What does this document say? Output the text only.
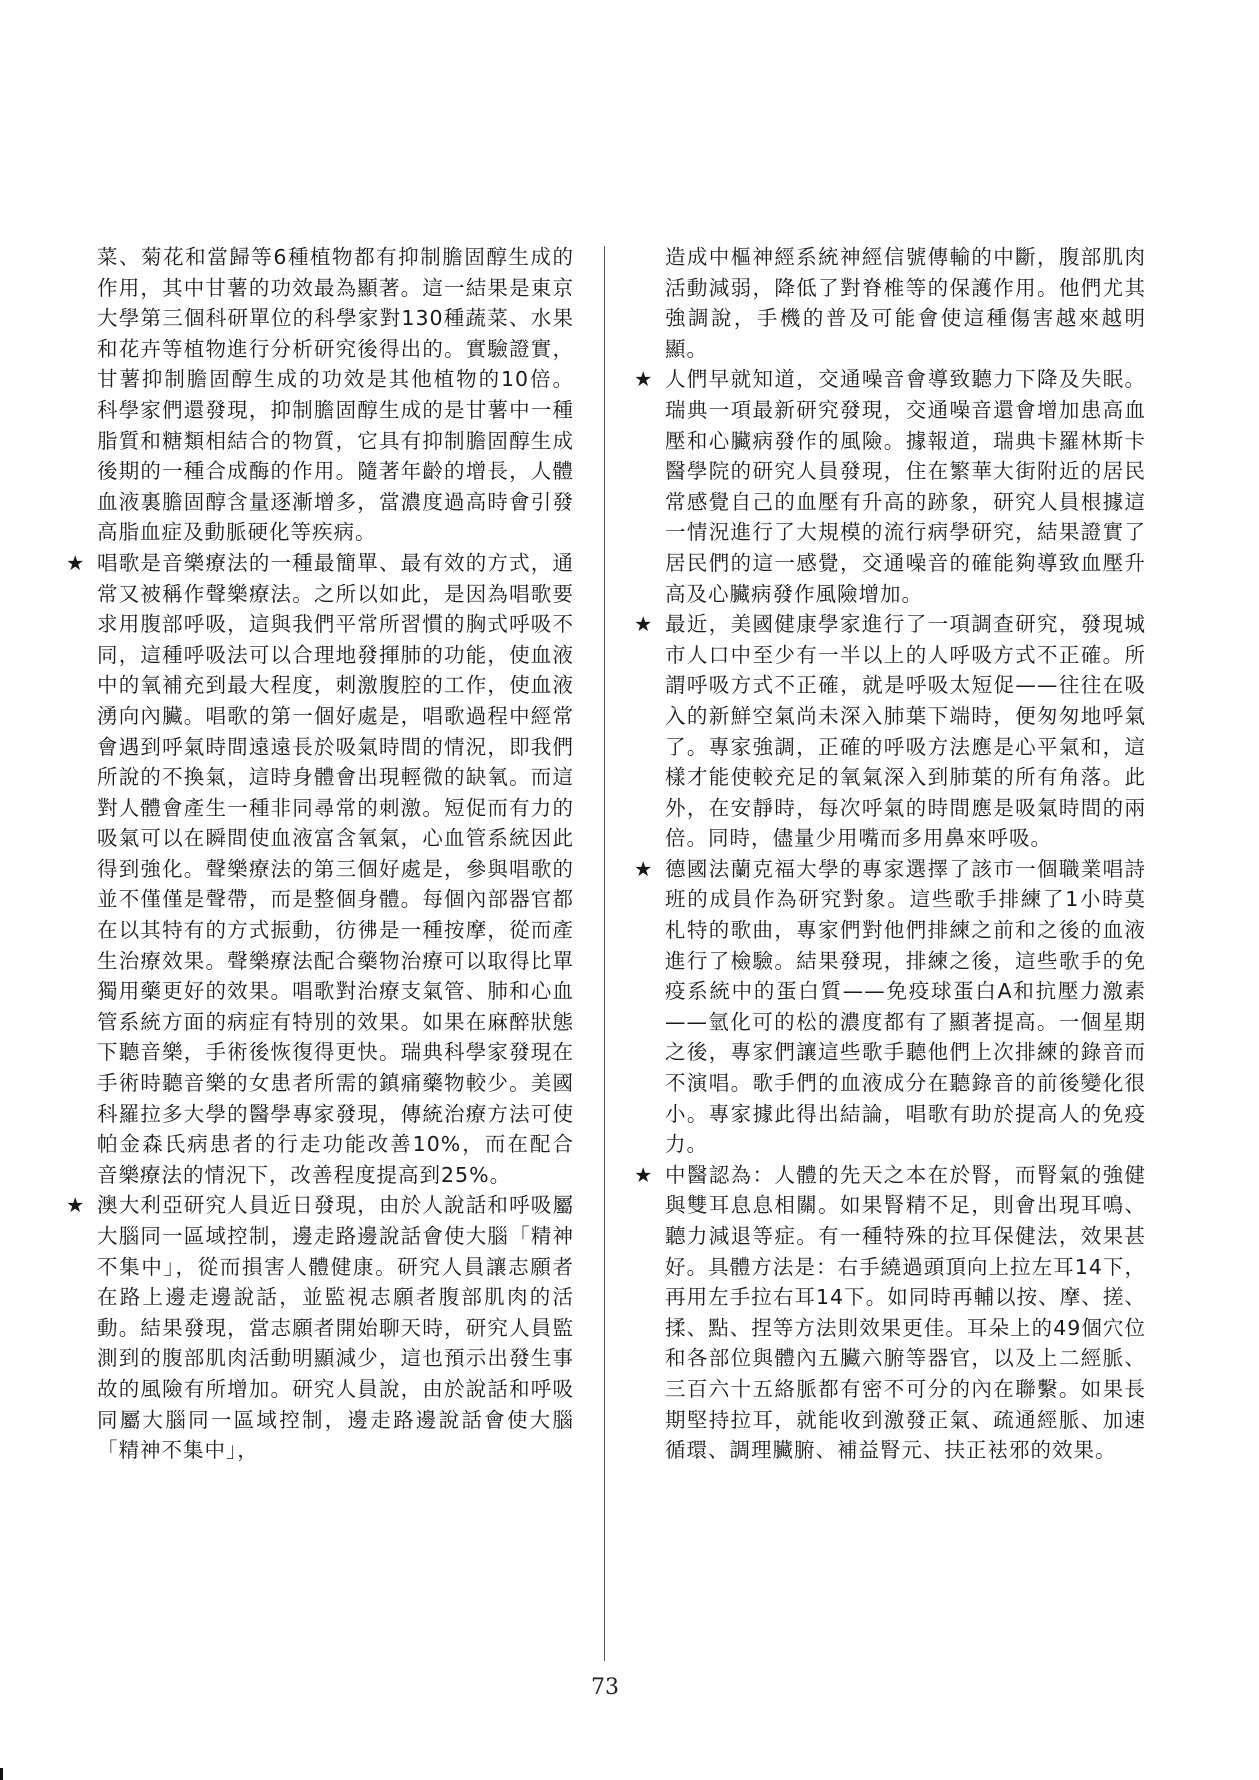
菜、菊花和當歸等6種植物都有抑制膽固醇生成的作用，其中甘薯的功效最為顯著。這一結果是東京大學第三個科研單位的科學家對130種蔬菜、水果和花卉等植物進行分析研究後得出的。實驗證實，甘薯抑制膽固醇生成的功效是其他植物的10倍。科學家們還發現，抑制膽固醇生成的是甘薯中一種脂質和糖類相結合的物質，它具有抑制膽固醇生成後期的一種合成酶的作用。隨著年齡的增長，人體血液裏膽固醇含量逐漸增多，當濃度過高時會引發高脂血症及動脈硬化等疾病。

★ 唱歌是音樂療法的一種最簡單、最有效的方式，通常又被稱作聲樂療法。之所以如此，是因為唱歌要求用腹部呼吸，這與我們平常所習慣的胸式呼吸不同，這種呼吸法可以合理地發揮肺的功能，使血液中的氧補充到最大程度，刺激腹腔的工作，使血液湧向內臟。唱歌的第一個好處是，唱歌過程中經常會遇到呼氣時間遠遠長於吸氣時間的情況，即我們所說的不換氣，這時身體會出現輕微的缺氧。而這對人體會產生一種非同尋常的刺激。短促而有力的吸氣可以在瞬間使血液富含氧氣，心血管系統因此得到強化。聲樂療法的第三個好處是，參與唱歌的並不僅僅是聲帶，而是整個身體。每個內部器官都在以其特有的方式振動，彷彿是一種按摩，從而產生治療效果。聲樂療法配合藥物治療可以取得比單獨用藥更好的效果。唱歌對治療支氣管、肺和心血管系統方面的病症有特別的效果。如果在麻醉狀態下聽音樂，手術後恢復得更快。瑞典科學家發現在手術時聽音樂的女患者所需的鎮痛藥物較少。美國科羅拉多大學的醫學專家發現，傳統治療方法可使帕金森氏病患者的行走功能改善10%，而在配合音樂療法的情況下，改善程度提高到25%。
★ 澳大利亞研究人員近日發現，由於人說話和呼吸屬大腦同一區域控制，邊走路邊說話會使大腦「精神不集中」，從而損害人體健康。研究人員讓志願者在路上邊走邊說話，並監視志願者腹部肌肉的活動。結果發現，當志願者開始聊天時，研究人員監測到的腹部肌肉活動明顯減少，這也預示出發生事故的風險有所增加。研究人員說，由於說話和呼吸同屬大腦同一區域控制，邊走路邊說話會使大腦「精神不集中」，

造成中樞神經系統神經信號傳輸的中斷，腹部肌肉活動減弱，降低了對脊椎等的保護作用。他們尤其強調說，手機的普及可能會使這種傷害越來越明顯。

★ 人們早就知道，交通噪音會導致聽力下降及失眠。瑞典一項最新研究發現，交通噪音還會增加患高血壓和心臟病發作的風險。據報道，瑞典卡羅林斯卡醫學院的研究人員發現，住在繁華大街附近的居民常感覺自己的血壓有升高的跡象，研究人員根據這一情況進行了大規模的流行病學研究，結果證實了居民們的這一感覺，交通噪音的確能夠導致血壓升高及心臟病發作風險增加。
★ 最近，美國健康學家進行了一項調查研究，發現城市人口中至少有一半以上的人呼吸方式不正確。所謂呼吸方式不正確，就是呼吸太短促——往往在吸入的新鮮空氣尚未深入肺葉下端時，便匆匆地呼氣了。專家強調，正確的呼吸方法應是心平氣和，這樣才能使較充足的氧氣深入到肺葉的所有角落。此外，在安靜時，每次呼氣的時間應是吸氣時間的兩倍。同時，儘量少用嘴而多用鼻來呼吸。
★ 德國法蘭克福大學的專家選擇了該市一個職業唱詩班的成員作為研究對象。這些歌手排練了1小時莫札特的歌曲，專家們對他們排練之前和之後的血液進行了檢驗。結果發現，排練之後，這些歌手的免疫系統中的蛋白質——免疫球蛋白A和抗壓力激素——氫化可的松的濃度都有了顯著提高。一個星期之後，專家們讓這些歌手聽他們上次排練的錄音而不演唱。歌手們的血液成分在聽錄音的前後變化很小。專家據此得出結論，唱歌有助於提高人的免疫力。
★ 中醫認為：人體的先天之本在於腎，而腎氣的強健與雙耳息息相關。如果腎精不足，則會出現耳鳴、聽力減退等症。有一種特殊的拉耳保健法，效果甚好。具體方法是：右手繞過頭頂向上拉左耳14下，再用左手拉右耳14下。如同時再輔以按、摩、搓、揉、點、捏等方法則效果更佳。耳朵上的49個穴位和各部位與體內五臟六腑等器官，以及上二經脈、三百六十五絡脈都有密不可分的內在聯繫。如果長期堅持拉耳，就能收到激發正氣、疏通經脈、加速循環、調理臟腑、補益腎元、扶正袪邪的效果。
73
